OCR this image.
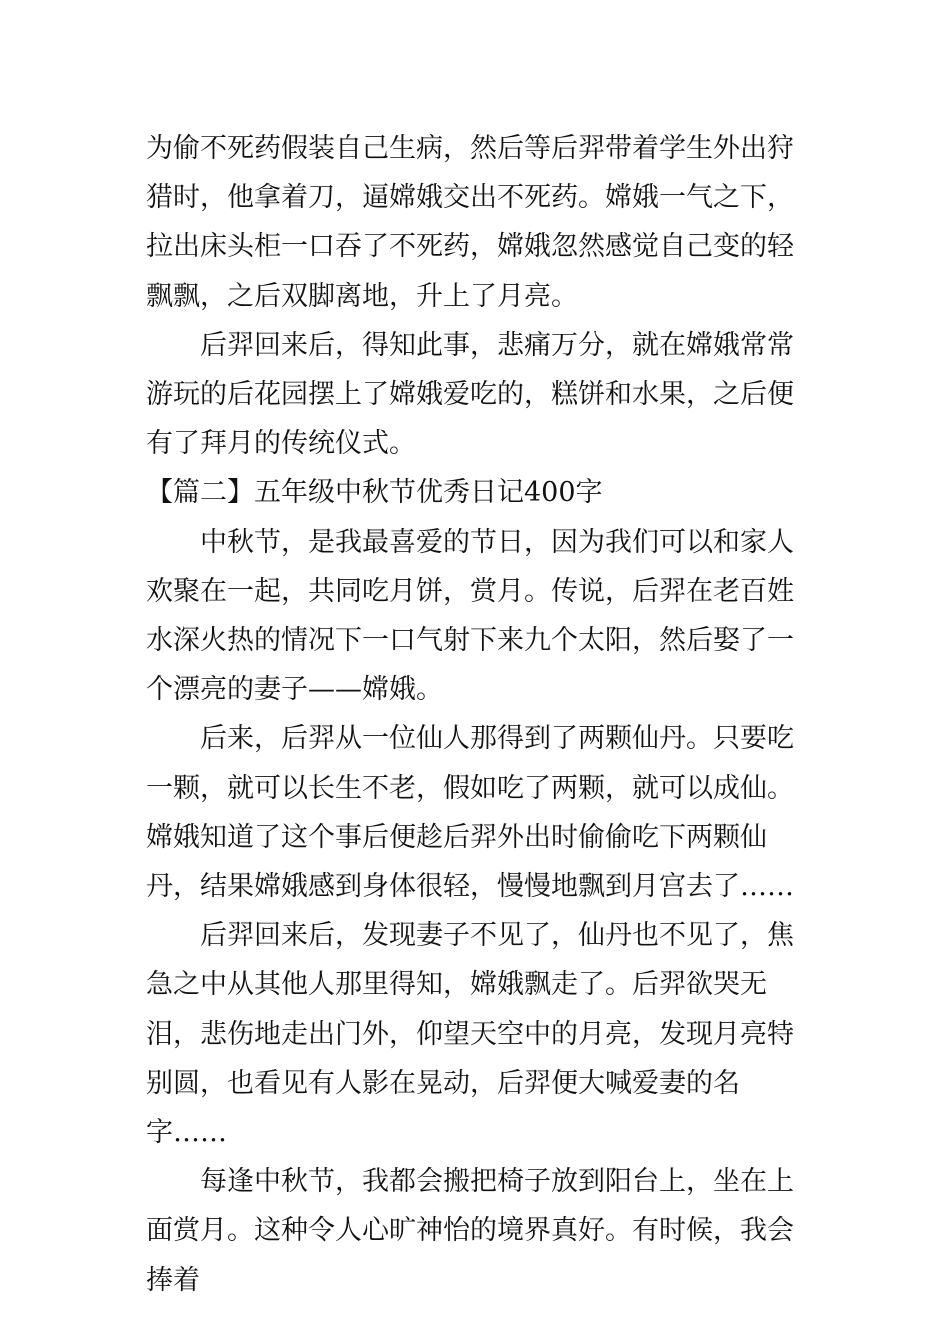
为偷不死药假装自己生病，然后等后羿带着学生外出狩猎时，他拿着刀，逼嫦娥交出不死药。嫦娥一气之下，拉出床头柜一口吞了不死药，嫦娥忽然感觉自己变的轻飘飘，之后双脚离地，升上了月亮。

后羿回来后，得知此事，悲痛万分，就在嫦娥常常游玩的后花园摆上了嫦娥爱吃的，糕饼和水果，之后便有了拜月的传统仪式。

【篇二】五年级中秋节优秀日记400字

中秋节，是我最喜爱的节日，因为我们可以和家人欢聚在一起，共同吃月饼，赏月。传说，后羿在老百姓水深火热的情况下一口气射下来九个太阳，然后娶了一个漂亮的妻子——嫦娥。

后来，后羿从一位仙人那得到了两颗仙丹。只要吃一颗，就可以长生不老，假如吃了两颗，就可以成仙。嫦娥知道了这个事后便趁后羿外出时偷偷吃下两颗仙丹，结果嫦娥感到身体很轻，慢慢地飘到月宫去了……

后羿回来后，发现妻子不见了，仙丹也不见了，焦急之中从其他人那里得知，嫦娥飘走了。后羿欲哭无泪，悲伤地走出门外，仰望天空中的月亮，发现月亮特别圆，也看见有人影在晃动，后羿便大喊爱妻的名字……

每逢中秋节，我都会搬把椅子放到阳台上，坐在上面赏月。这种令人心旷神怡的境界真好。有时候，我会捧着
